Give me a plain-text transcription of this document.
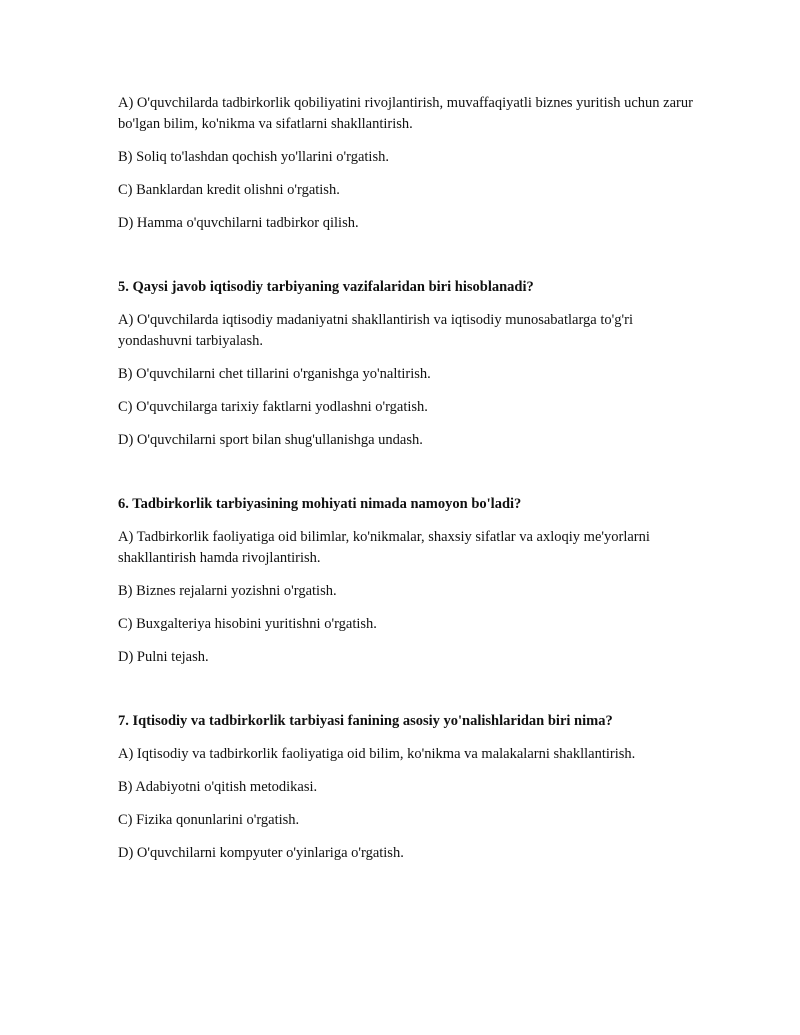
A) O'quvchilarda tadbirkorlik qobiliyatini rivojlantirish, muvaffaqiyatli biznes yuritish uchun zarur bo'lgan bilim, ko'nikma va sifatlarni shakllantirish.

B) Soliq to'lashdan qochish yo'llarini o'rgatish.

C) Banklardan kredit olishni o'rgatish.

D) Hamma o'quvchilarni tadbirkor qilish.

5. Qaysi javob iqtisodiy tarbiyaning vazifalaridan biri hisoblanadi?

A) O'quvchilarda iqtisodiy madaniyatni shakllantirish va iqtisodiy munosabatlarga to'g'ri yondashuvni tarbiyalash.

B) O'quvchilarni chet tillarini o'rganishga yo'naltirish.

C) O'quvchilarga tarixiy faktlarni yodlashni o'rgatish.

D) O'quvchilarni sport bilan shug'ullanishga undash.

6. Tadbirkorlik tarbiyasining mohiyati nimada namoyon bo'ladi?

A) Tadbirkorlik faoliyatiga oid bilimlar, ko'nikmalar, shaxsiy sifatlar va axloqiy me'yorlarni shakllantirish hamda rivojlantirish.

B) Biznes rejalarni yozishni o'rgatish.

C) Buxgalteriya hisobini yuritishni o'rgatish.

D) Pulni tejash.

7. Iqtisodiy va tadbirkorlik tarbiyasi fanining asosiy yo'nalishlaridan biri nima?

A) Iqtisodiy va tadbirkorlik faoliyatiga oid bilim, ko'nikma va malakalarni shakllantirish.

B) Adabiyotni o'qitish metodikasi.

C) Fizika qonunlarini o'rgatish.

D) O'quvchilarni kompyuter o'yinlariga o'rgatish.
